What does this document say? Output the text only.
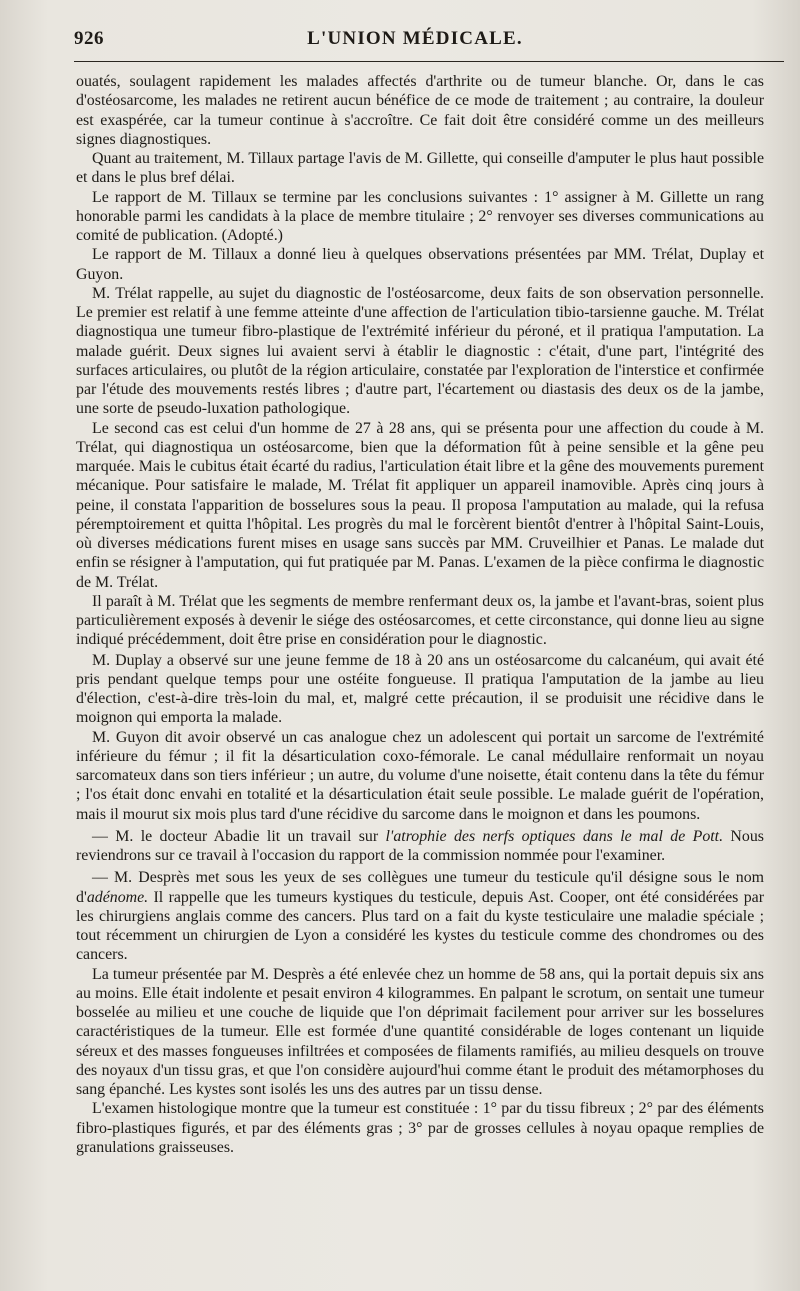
926	L'UNION MÉDICALE.

ouatés, soulagent rapidement les malades affectés d'arthrite ou de tumeur blanche. Or, dans le cas d'ostéosarcome, les malades ne retirent aucun bénéfice de ce mode de traitement ; au contraire, la douleur est exaspérée, car la tumeur continue à s'accroître. Ce fait doit être considéré comme un des meilleurs signes diagnostiques.

Quant au traitement, M. Tillaux partage l'avis de M. Gillette, qui conseille d'amputer le plus haut possible et dans le plus bref délai.

Le rapport de M. Tillaux se termine par les conclusions suivantes : 1° assigner à M. Gillette un rang honorable parmi les candidats à la place de membre titulaire ; 2° renvoyer ses diverses communications au comité de publication. (Adopté.)

Le rapport de M. Tillaux a donné lieu à quelques observations présentées par MM. Trélat, Duplay et Guyon.

M. Trélat rappelle, au sujet du diagnostic de l'ostéosarcome, deux faits de son observation personnelle. Le premier est relatif à une femme atteinte d'une affection de l'articulation tibio-tarsienne gauche. M. Trélat diagnostiqua une tumeur fibro-plastique de l'extrémité inférieur du péroné, et il pratiqua l'amputation. La malade guérit. Deux signes lui avaient servi à établir le diagnostic : c'était, d'une part, l'intégrité des surfaces articulaires, ou plutôt de la région articulaire, constatée par l'exploration de l'interstice et confirmée par l'étude des mouvements restés libres ; d'autre part, l'écartement ou diastasis des deux os de la jambe, une sorte de pseudo-luxation pathologique.

Le second cas est celui d'un homme de 27 à 28 ans, qui se présenta pour une affection du coude à M. Trélat, qui diagnostiqua un ostéosarcome, bien que la déformation fût à peine sensible et la gêne peu marquée. Mais le cubitus était écarté du radius, l'articulation était libre et la gêne des mouvements purement mécanique. Pour satisfaire le malade, M. Trélat fit appliquer un appareil inamovible. Après cinq jours à peine, il constata l'apparition de bosselures sous la peau. Il proposa l'amputation au malade, qui la refusa péremptoirement et quitta l'hôpital. Les progrès du mal le forcèrent bientôt d'entrer à l'hôpital Saint-Louis, où diverses médications furent mises en usage sans succès par MM. Cruveilhier et Panas. Le malade dut enfin se résigner à l'amputation, qui fut pratiquée par M. Panas. L'examen de la pièce confirma le diagnostic de M. Trélat.

Il paraît à M. Trélat que les segments de membre renfermant deux os, la jambe et l'avant-bras, soient plus particulièrement exposés à devenir le siége des ostéosarcomes, et cette circonstance, qui donne lieu au signe indiqué précédemment, doit être prise en considération pour le diagnostic.

M. Duplay a observé sur une jeune femme de 18 à 20 ans un ostéosarcome du calcanéum, qui avait été pris pendant quelque temps pour une ostéite fongueuse. Il pratiqua l'amputation de la jambe au lieu d'élection, c'est-à-dire très-loin du mal, et, malgré cette précaution, il se produisit une récidive dans le moignon qui emporta la malade.

M. Guyon dit avoir observé un cas analogue chez un adolescent qui portait un sarcome de l'extrémité inférieure du fémur ; il fit la désarticulation coxo-fémorale. Le canal médullaire renformait un noyau sarcomateux dans son tiers inférieur ; un autre, du volume d'une noisette, était contenu dans la tête du fémur ; l'os était donc envahi en totalité et la désarticulation était seule possible. Le malade guérit de l'opération, mais il mourut six mois plus tard d'une récidive du sarcome dans le moignon et dans les poumons.

— M. le docteur Abadie lit un travail sur l'atrophie des nerfs optiques dans le mal de Pott. Nous reviendrons sur ce travail à l'occasion du rapport de la commission nommée pour l'examiner.

— M. Desprès met sous les yeux de ses collègues une tumeur du testicule qu'il désigne sous le nom d'adénome. Il rappelle que les tumeurs kystiques du testicule, depuis Ast. Cooper, ont été considérées par les chirurgiens anglais comme des cancers. Plus tard on a fait du kyste testiculaire une maladie spéciale ; tout récemment un chirurgien de Lyon a considéré les kystes du testicule comme des chondromes ou des cancers.

La tumeur présentée par M. Desprès a été enlevée chez un homme de 58 ans, qui la portait depuis six ans au moins. Elle était indolente et pesait environ 4 kilogrammes. En palpant le scrotum, on sentait une tumeur bosselée au milieu et une couche de liquide que l'on déprimait facilement pour arriver sur les bosselures caractéristiques de la tumeur. Elle est formée d'une quantité considérable de loges contenant un liquide séreux et des masses fongueuses infiltrées et composées de filaments ramifiés, au milieu desquels on trouve des noyaux d'un tissu gras, et que l'on considère aujourd'hui comme étant le produit des métamorphoses du sang épanché. Les kystes sont isolés les uns des autres par un tissu dense.

L'examen histologique montre que la tumeur est constituée : 1° par du tissu fibreux ; 2° par des éléments fibro-plastiques figurés, et par des éléments gras ; 3° par de grosses cellules à noyau opaque remplies de granulations graisseuses.
